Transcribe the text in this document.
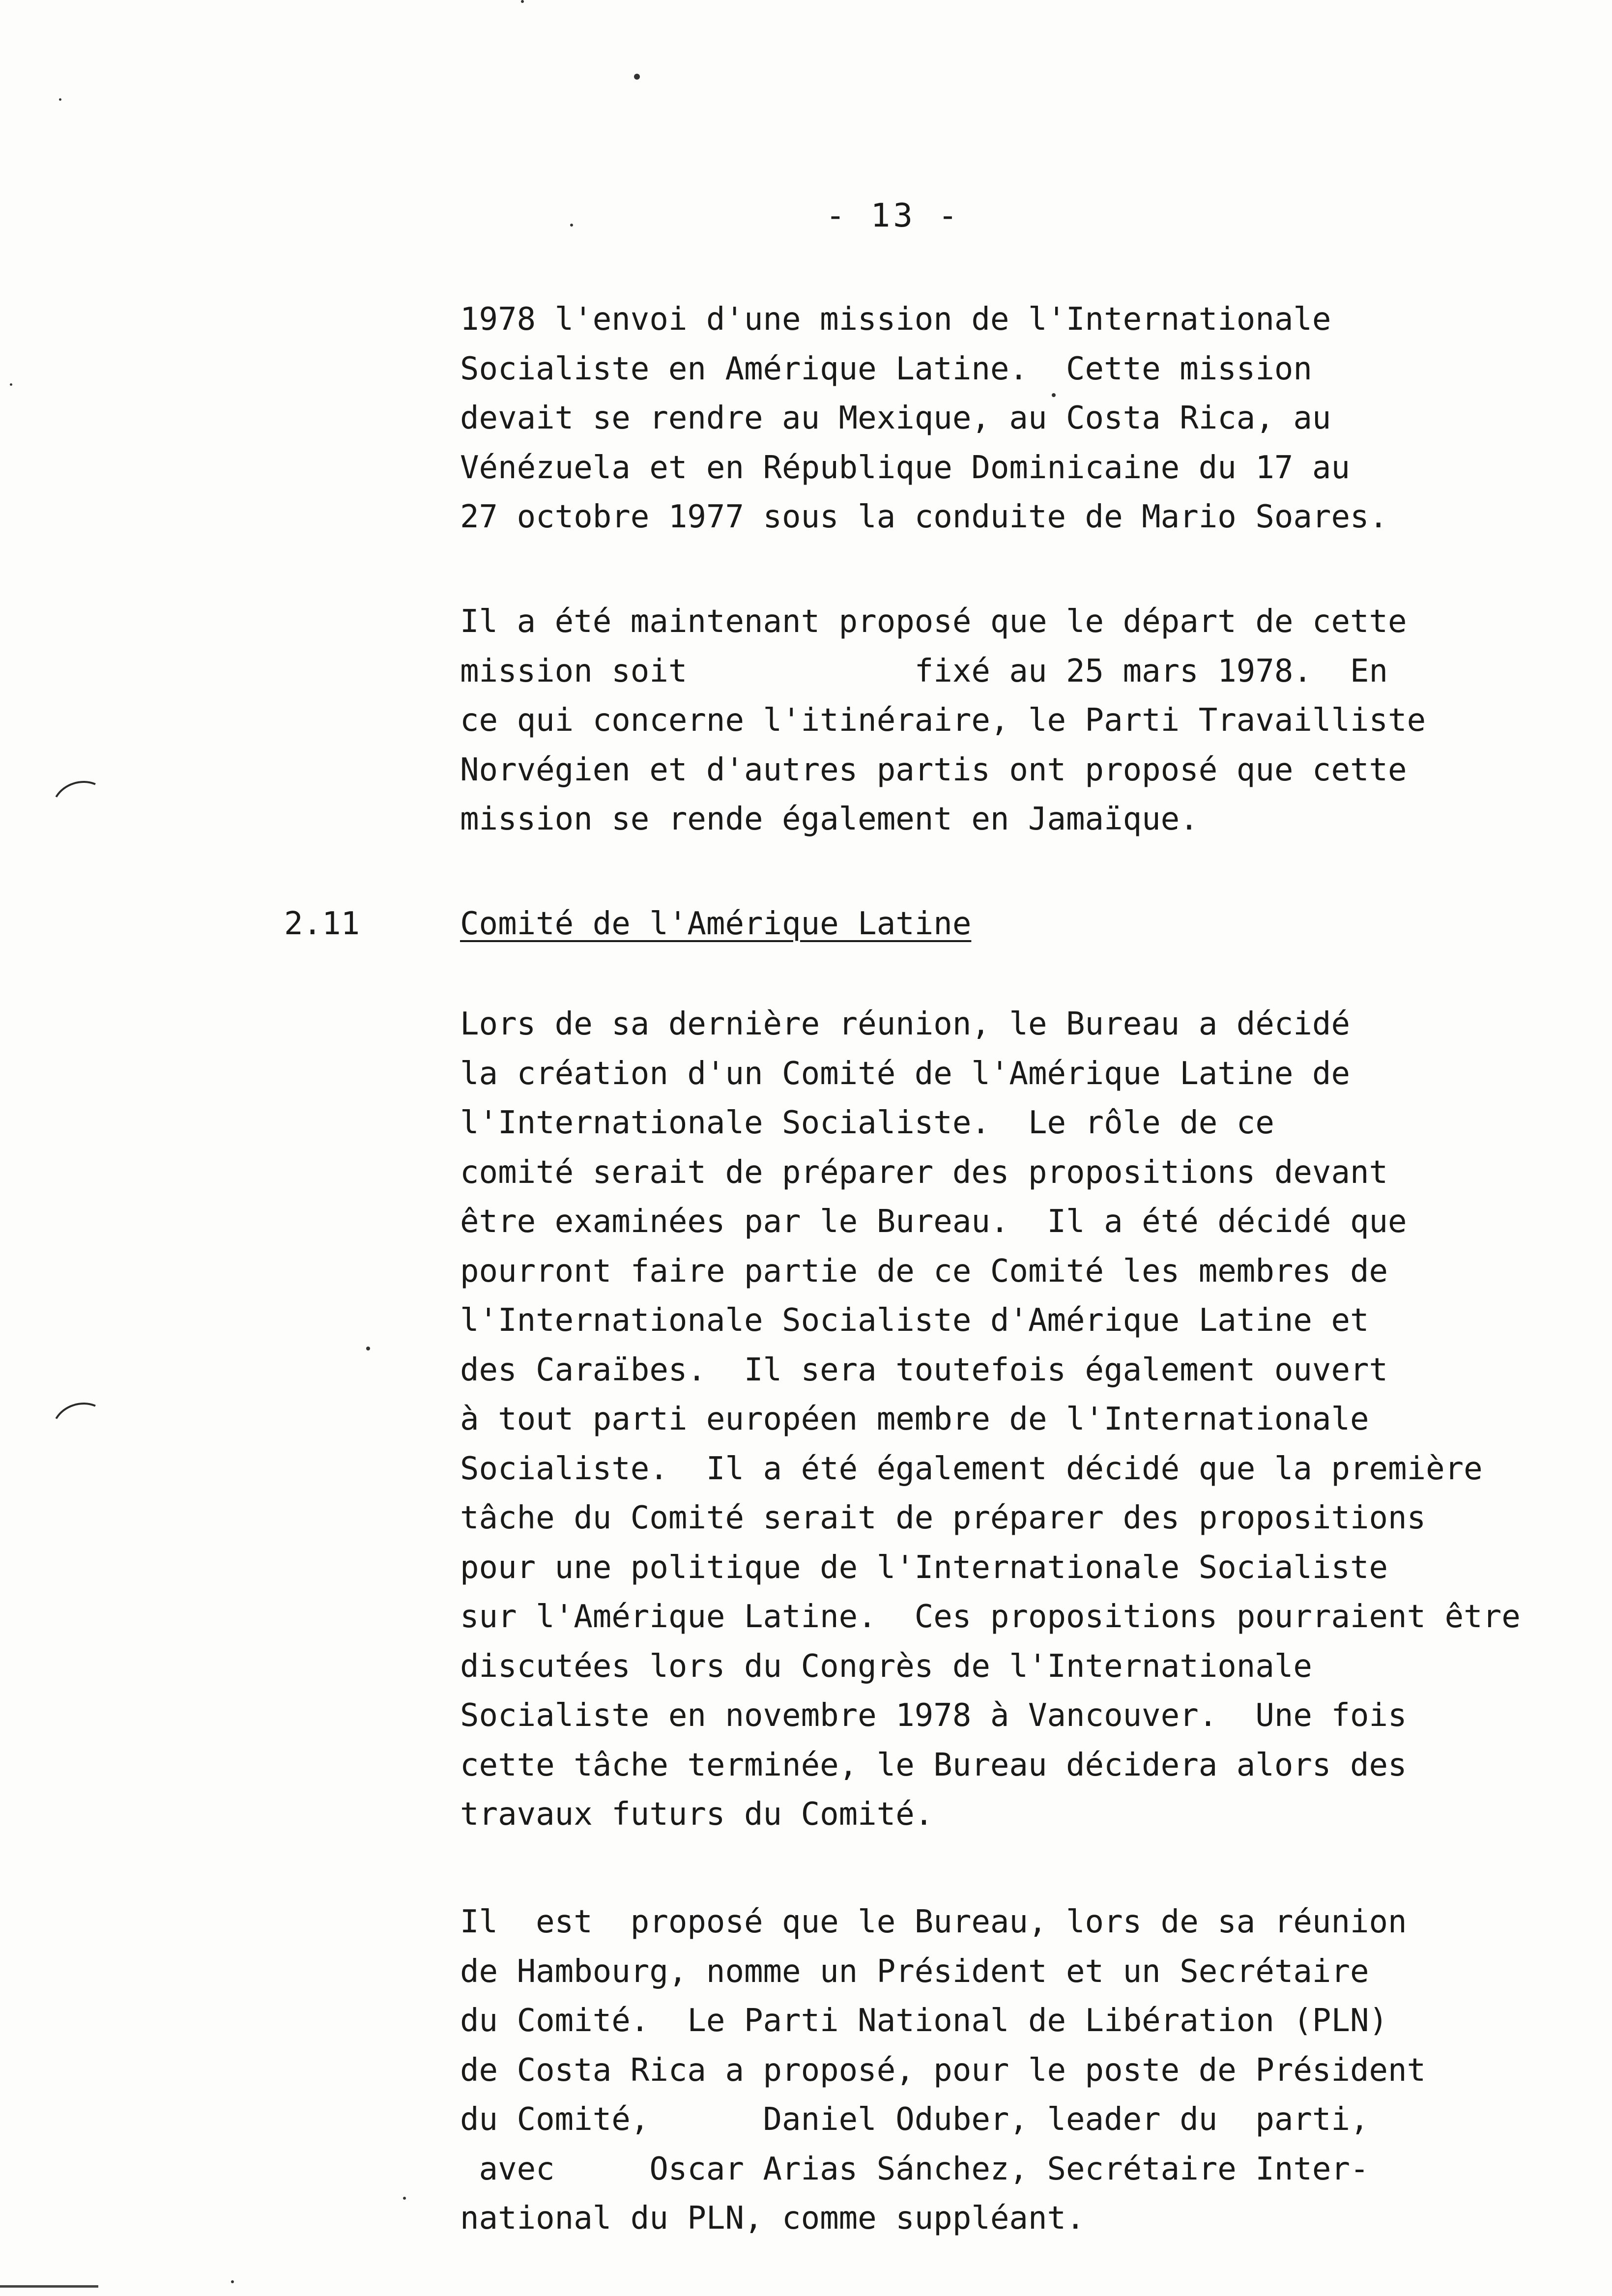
- 13 -
1978 l'envoi d'une mission de l'Internationale
Socialiste en Amérique Latine.  Cette mission
devait se rendre au Mexique, au Costa Rica, au
Vénézuela et en République Dominicaine du 17 au
27 octobre 1977 sous la conduite de Mario Soares.
Il a été maintenant proposé que le départ de cette
mission soit            fixé au 25 mars 1978.  En
ce qui concerne l'itinéraire, le Parti Travailliste
Norvégien et d'autres partis ont proposé que cette
mission se rende également en Jamaïque.
2.11	Comité de l'Amérique Latine
Lors de sa dernière réunion, le Bureau a décidé
la création d'un Comité de l'Amérique Latine de
l'Internationale Socialiste.  Le rôle de ce
comité serait de préparer des propositions devant
être examinées par le Bureau.  Il a été décidé que
pourront faire partie de ce Comité les membres de
l'Internationale Socialiste d'Amérique Latine et
des Caraïbes.  Il sera toutefois également ouvert
à tout parti européen membre de l'Internationale
Socialiste.  Il a été également décidé que la première
tâche du Comité serait de préparer des propositions
pour une politique de l'Internationale Socialiste
sur l'Amérique Latine.  Ces propositions pourraient être
discutées lors du Congrès de l'Internationale
Socialiste en novembre 1978 à Vancouver.  Une fois
cette tâche terminée, le Bureau décidera alors des
travaux futurs du Comité.
Il  est  proposé que le Bureau, lors de sa réunion
de Hambourg, nomme un Président et un Secrétaire
du Comité.  Le Parti National de Libération (PLN)
de Costa Rica a proposé, pour le poste de Président
du Comité,      Daniel Oduber, leader du  parti,
avec     Oscar Arias Sánchez, Secrétaire Inter-
national du PLN, comme suppléant.
